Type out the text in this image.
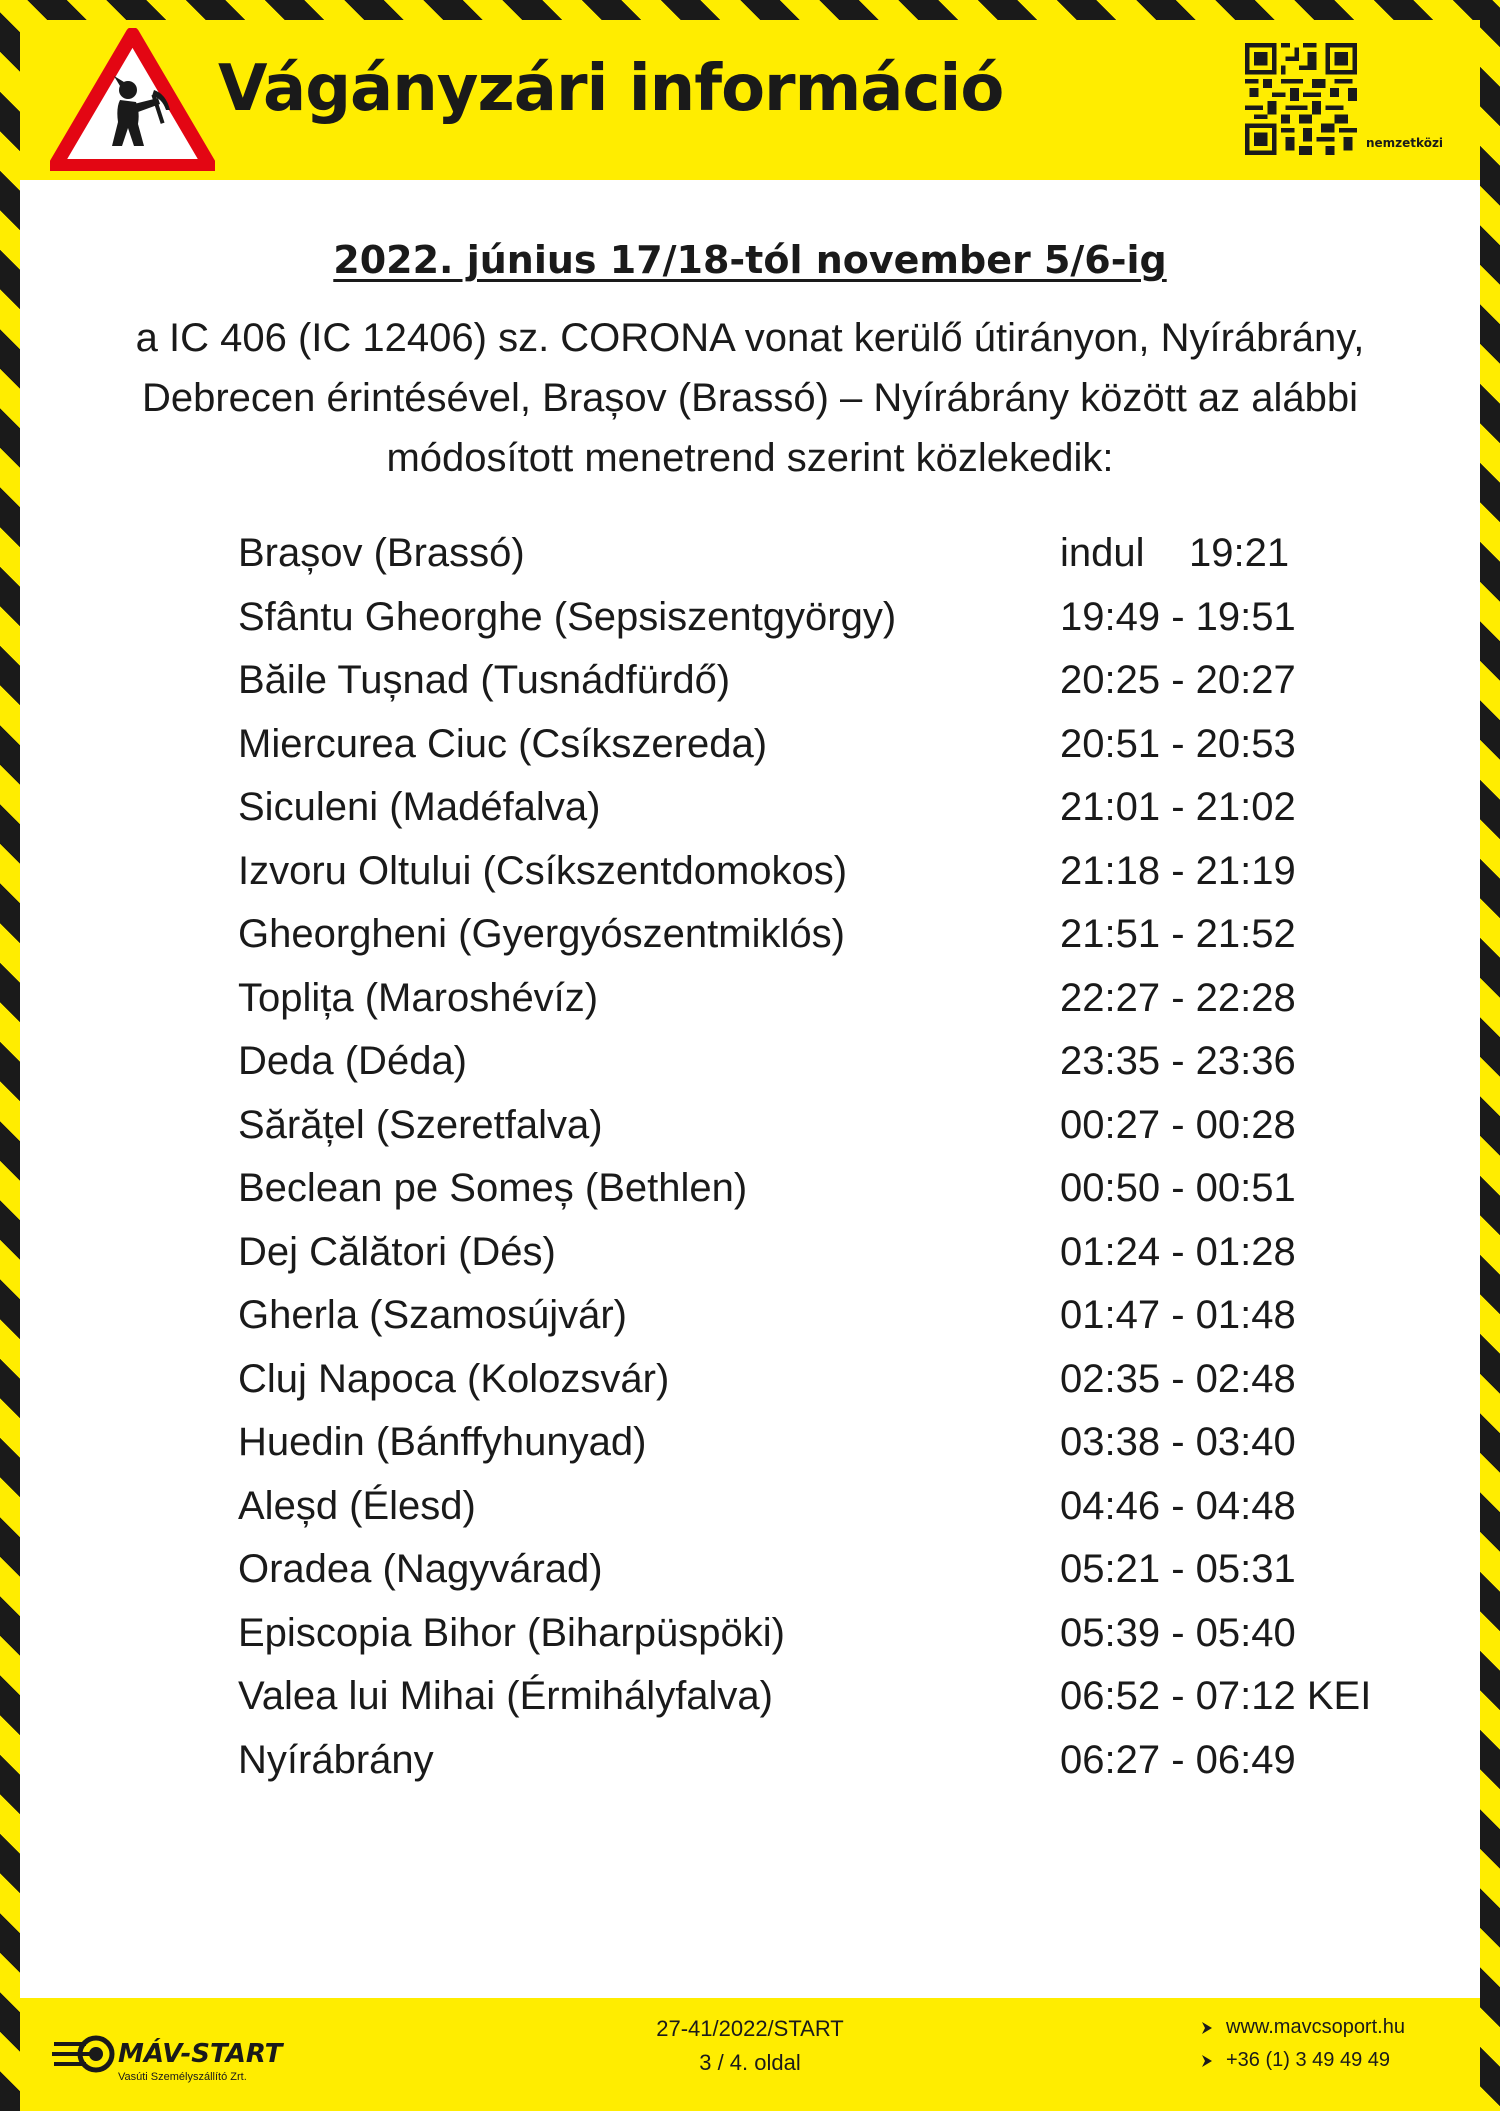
Vágányzári információ
nemzetközi
2022. június 17/18-tól november 5/6-ig
a IC 406 (IC 12406) sz. CORONA vonat kerülő útirányon, Nyírábrány,
Debrecen érintésével, Brașov (Brassó) – Nyírábrány között az alábbi
módosított menetrend szerint közlekedik:
Brașov (Brassó)	indul    19:21
Sfântu Gheorghe (Sepsiszentgyörgy)	19:49 - 19:51
Băile Tușnad (Tusnádfürdő)	20:25 - 20:27
Miercurea Ciuc (Csíkszereda)	20:51 - 20:53
Siculeni (Madéfalva)	21:01 - 21:02
Izvoru Oltului (Csíkszentdomokos)	21:18 - 21:19
Gheorgheni (Gyergyószentmiklós)	21:51 - 21:52
Toplița (Maroshévíz)	22:27 - 22:28
Deda (Déda)	23:35 - 23:36
Sărățel (Szeretfalva)	00:27 - 00:28
Beclean pe Someș (Bethlen)	00:50 - 00:51
Dej Călători (Dés)	01:24 - 01:28
Gherla (Szamosújvár)	01:47 - 01:48
Cluj Napoca (Kolozsvár)	02:35 - 02:48
Huedin (Bánffyhunyad)	03:38 - 03:40
Aleșd (Élesd)	04:46 - 04:48
Oradea (Nagyvárad)	05:21 - 05:31
Episcopia Bihor (Biharpüspöki)	05:39 - 05:40
Valea lui Mihai (Érmihályfalva)	06:52 - 07:12 KEI
Nyírábrány	06:27 - 06:49
MÁV-START
Vasúti Személyszállító Zrt.
27-41/2022/START
3 / 4. oldal
www.mavcsoport.hu
+36 (1) 3 49 49 49
